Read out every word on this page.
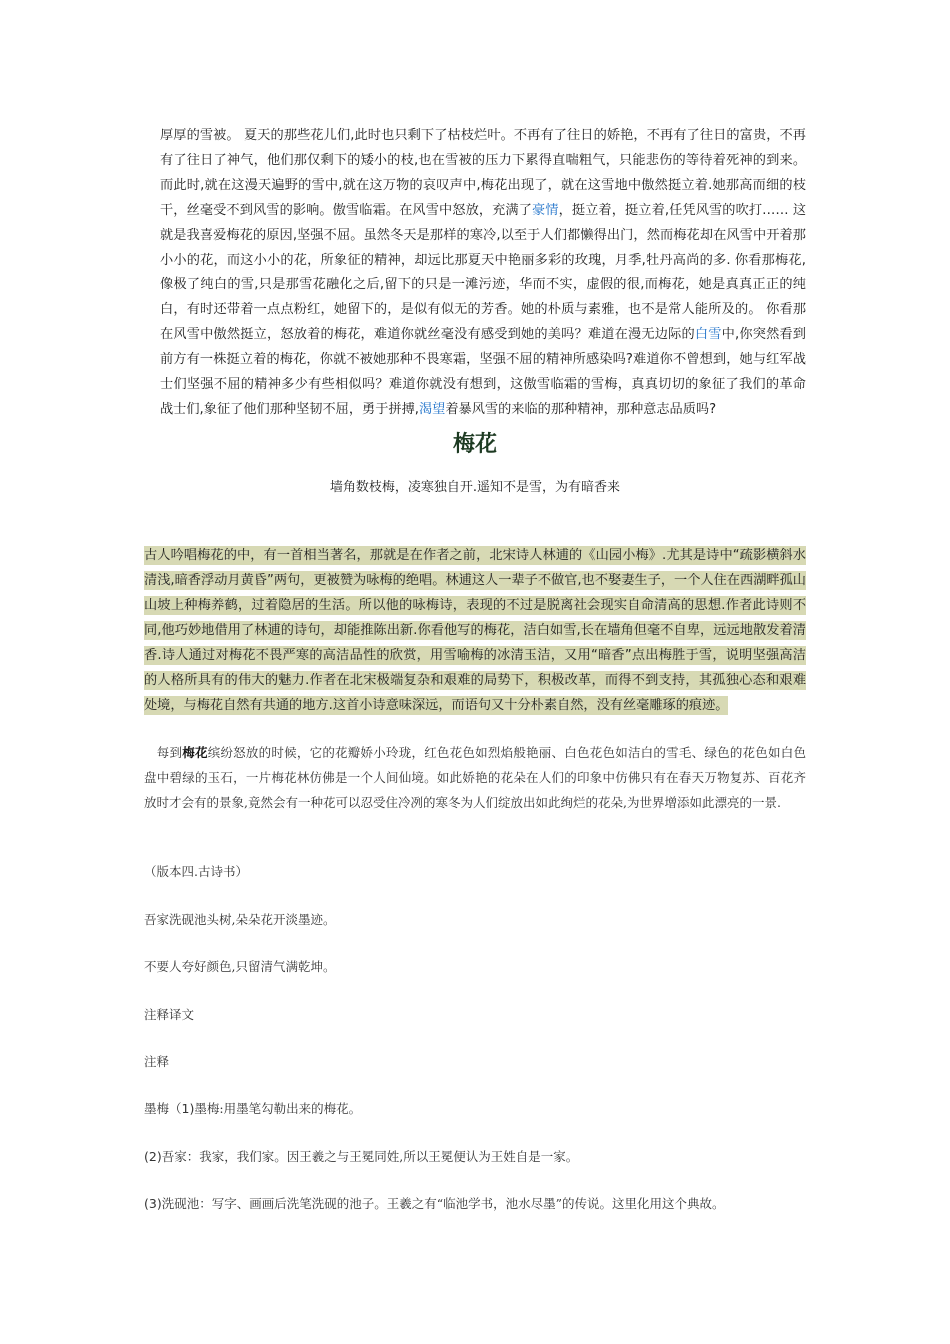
厚厚的雪被。 夏天的那些花儿们,此时也只剩下了枯枝烂叶。不再有了往日的娇艳，不再有了往日的富贵，不再有了往日了神气，他们那仅剩下的矮小的枝,也在雪被的压力下累得直喘粗气，只能悲伤的等待着死神的到来。 而此时,就在这漫天遍野的雪中,就在这万物的哀叹声中,梅花出现了，就在这雪地中傲然挺立着.她那高而细的枝干，丝毫受不到风雪的影响。傲雪临霜。在风雪中怒放，充满了豪情，挺立着，挺立着,任凭风雪的吹打…… 这就是我喜爱梅花的原因,坚强不屈。虽然冬天是那样的寒冷,以至于人们都懒得出门，然而梅花却在风雪中开着那小小的花，而这小小的花，所象征的精神，却远比那夏天中艳丽多彩的玫瑰，月季,牡丹高尚的多. 你看那梅花,像极了纯白的雪,只是那雪花融化之后,留下的只是一滩污迹，华而不实，虚假的很,而梅花，她是真真正正的纯白，有时还带着一点点粉红，她留下的，是似有似无的芳香。她的朴质与素雅，也不是常人能所及的。 你看那在风雪中傲然挺立，怒放着的梅花，难道你就丝毫没有感受到她的美吗？难道在漫无边际的白雪中,你突然看到前方有一株挺立着的梅花，你就不被她那种不畏寒霜，坚强不屈的精神所感染吗?难道你不曾想到，她与红军战士们坚强不屈的精神多少有些相似吗？难道你就没有想到，这傲雪临霜的雪梅，真真切切的象征了我们的革命战士们,象征了他们那种坚韧不屈，勇于拼搏,渴望着暴风雪的来临的那种精神，那种意志品质吗?
梅花
墙角数枝梅，凌寒独自开.遥知不是雪，为有暗香来
古人吟唱梅花的中，有一首相当著名，那就是在作者之前，北宋诗人林逋的《山园小梅》.尤其是诗中“疏影横斜水清浅,暗香浮动月黄昏”两句，更被赞为咏梅的绝唱。林逋这人一辈子不做官,也不娶妻生子，一个人住在西湖畔孤山山坡上种梅养鹤，过着隐居的生活。所以他的咏梅诗，表现的不过是脱离社会现实自命清高的思想.作者此诗则不同,他巧妙地借用了林逋的诗句，却能推陈出新.你看他写的梅花，洁白如雪,长在墙角但毫不自卑，远远地散发着清香.诗人通过对梅花不畏严寒的高洁品性的欣赏，用雪喻梅的冰清玉洁，又用“暗香”点出梅胜于雪，说明坚强高洁的人格所具有的伟大的魅力.作者在北宋极端复杂和艰难的局势下，积极改革，而得不到支持，其孤独心态和艰难处境，与梅花自然有共通的地方.这首小诗意味深远，而语句又十分朴素自然，没有丝毫雕琢的痕迹。
 每到梅花缤纷怒放的时候，它的花瓣娇小玲珑，红色花色如烈焰般艳丽、白色花色如洁白的雪毛、绿色的花色如白色盘中碧绿的玉石，一片梅花林仿佛是一个人间仙境。如此娇艳的花朵在人们的印象中仿佛只有在春天万物复苏、百花齐放时才会有的景象,竟然会有一种花可以忍受住冷冽的寒冬为人们绽放出如此绚烂的花朵,为世界增添如此漂亮的一景.
（版本四.古诗书）
吾家洗砚池头树,朵朵花开淡墨迹。
不要人夸好颜色,只留清气满乾坤。
注释译文
注释
墨梅（1)墨梅:用墨笔勾勒出来的梅花。
(2)吾家：我家，我们家。因王羲之与王冕同姓,所以王冕便认为王姓自是一家。
(3)洗砚池：写字、画画后洗笔洗砚的池子。王羲之有“临池学书，池水尽墨”的传说。这里化用这个典故。
